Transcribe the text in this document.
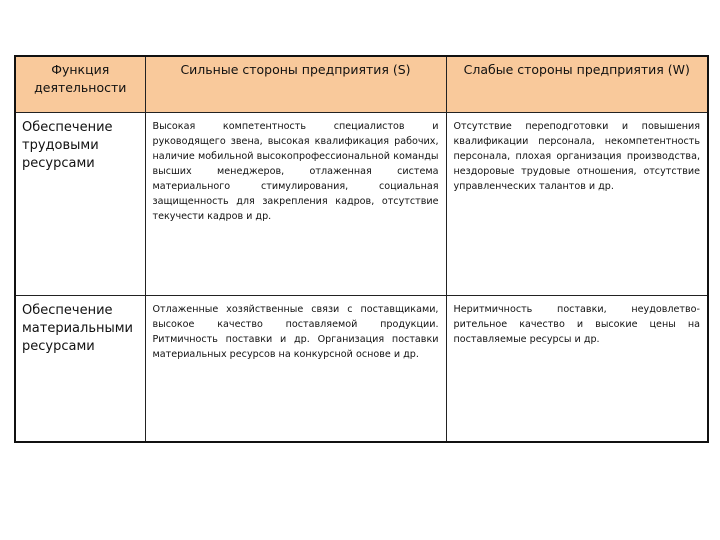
Функция деятельности	Сильные стороны предприятия (S)	Слабые стороны предприятия (W)
Обеспечение трудовыми ресурсами	Высокая компетентность специалистов и руководящего звена, высокая квалификация рабочих, наличие мобильной высокопрофессиональной команды высших менеджеров, отлаженная система материального стимулирования, социальная защищенность для закрепления кадров, отсутствие текучести кадров и др.	Отсутствие переподготовки и повышения квалификации персонала, некомпетентность персонала, плохая организация производства, нездоровые трудовые отношения, отсутствие управленческих талантов и др.
Обеспечение материальными ресурсами	Отлаженные хозяйственные связи с поставщиками, высокое качество поставляемой продукции. Ритмичность поставки и др. Организация поставки материальных ресурсов на конкурсной основе и др.	Неритмичность поставки, неудовлетво-рительное качество и высокие цены на поставляемые ресурсы и др.
